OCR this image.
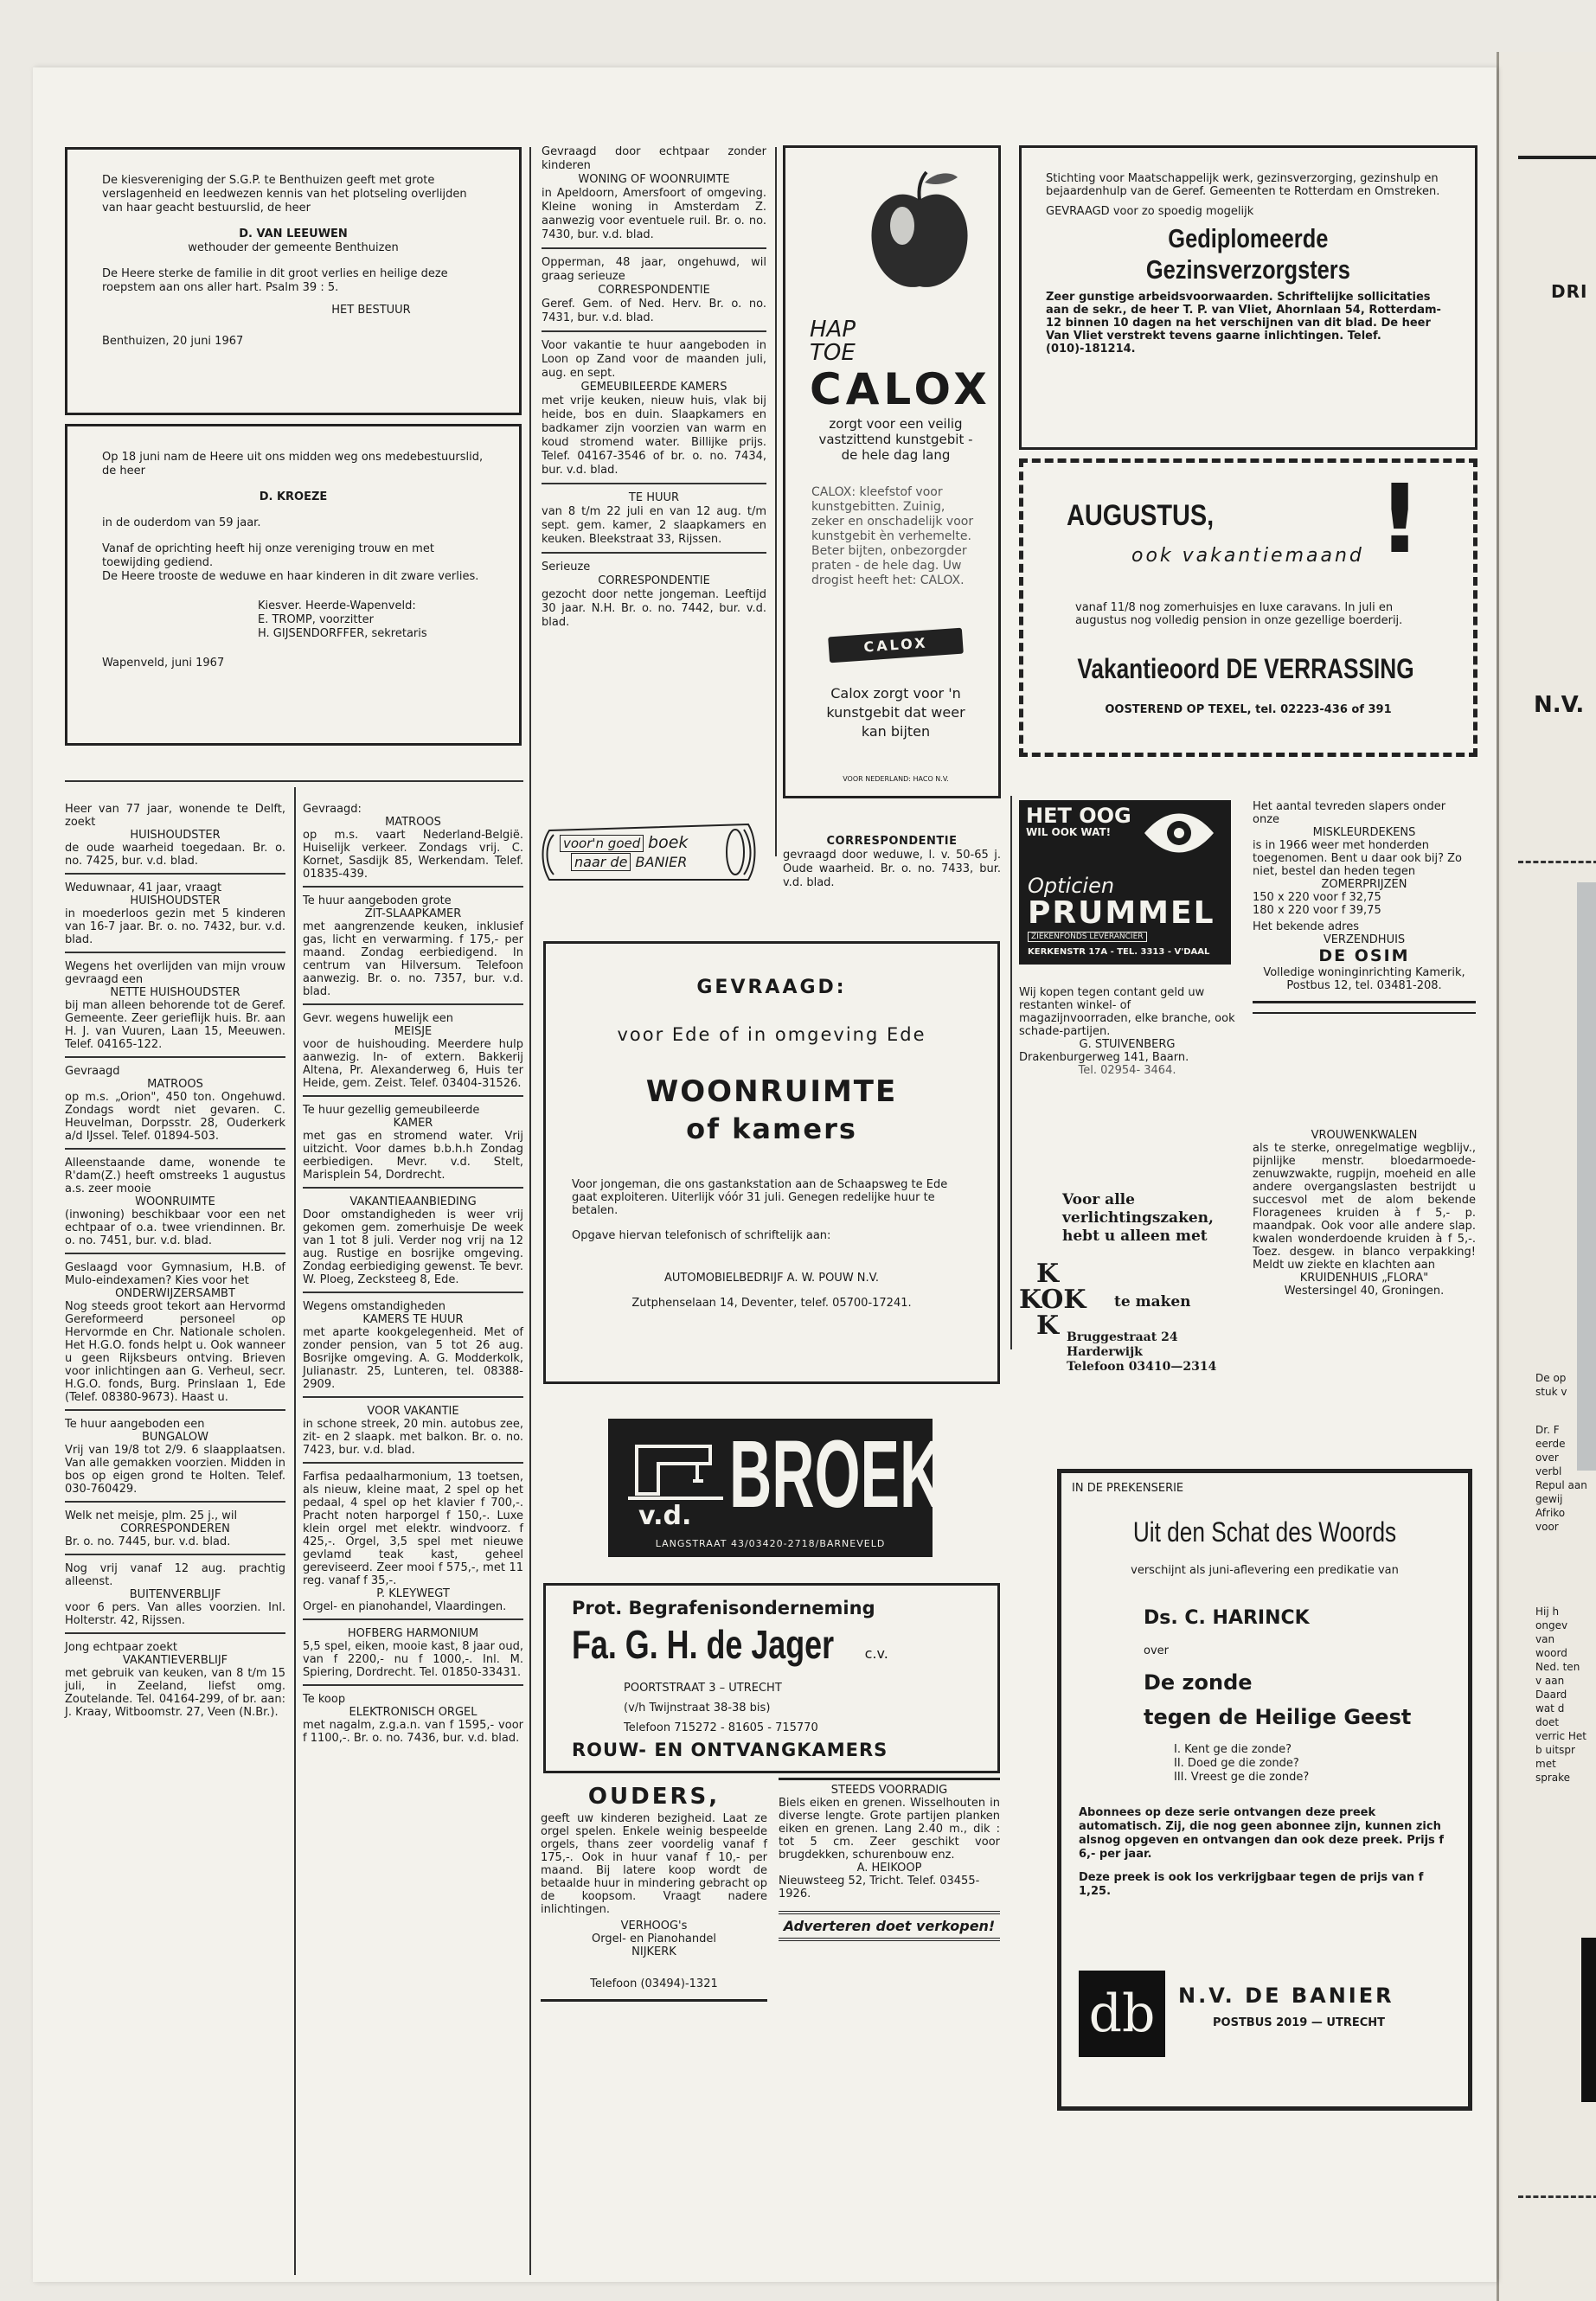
DRI
N.V.
De op stuk v
Dr. F eerde over verbl Repul aan gewij Afriko voor
Hij h ongev van woord Ned. ten v aan Daard wat d doet verric Het b uitspr met sprake
De kiesvereniging der S.G.P. te Benthuizen geeft met grote verslagenheid en leedwezen kennis van het plotseling overlijden van haar geacht bestuurslid, de heer
D. VAN LEEUWEN
wethouder der gemeente Benthuizen
De Heere sterke de familie in dit groot verlies en heilige deze roepstem aan ons aller hart. Psalm 39 : 5.
HET BESTUUR
Benthuizen, 20 juni 1967
Op 18 juni nam de Heere uit ons midden weg ons medebestuurslid, de heer
D. KROEZE
in de ouderdom van 59 jaar.
Vanaf de oprichting heeft hij onze vereniging trouw en met toewijding gediend.
De Heere trooste de weduwe en haar kinderen in dit zware verlies.
Kiesver. Heerde-Wapenveld:
E. TROMP, voorzitter
H. GIJSENDORFFER, sekretaris
Wapenveld, juni 1967
Gevraagd door echtpaar zonder kinderen
WONING OF WOONRUIMTE
in Apeldoorn, Amersfoort of omgeving. Kleine woning in Amsterdam Z. aanwezig voor eventuele ruil. Br. o. no. 7430, bur. v.d. blad.
Opperman, 48 jaar, ongehuwd, wil graag serieuze
CORRESPONDENTIE
Geref. Gem. of Ned. Herv. Br. o. no. 7431, bur. v.d. blad.
Voor vakantie te huur aangeboden in Loon op Zand voor de maanden juli, aug. en sept.
GEMEUBILEERDE KAMERS
met vrije keuken, nieuw huis, vlak bij heide, bos en duin. Slaapkamers en badkamer zijn voorzien van warm en koud stromend water. Billijke prijs. Telef. 04167-3546 of br. o. no. 7434, bur. v.d. blad.
TE HUUR
van 8 t/m 22 juli en van 12 aug. t/m sept. gem. kamer, 2 slaapkamers en keuken. Bleekstraat 33, Rijssen.
Serieuze
CORRESPONDENTIE
gezocht door nette jongeman. Leeftijd 30 jaar. N.H. Br. o. no. 7442, bur. v.d. blad.
HAP
TOE
CALOX
zorgt voor een veilig vastzittend kunstgebit - de hele dag lang
CALOX: kleefstof voor kunstgebitten. Zuinig, zeker en onschadelijk voor kunstgebit èn verhemelte. Beter bijten, onbezorgder praten - de hele dag. Uw drogist heeft het: CALOX.
CALOX
Calox zorgt voor 'n kunstgebit dat weer kan bijten
VOOR NEDERLAND: HACO N.V.
Stichting voor Maatschappelijk werk, gezinsverzorging, gezinshulp en bejaardenhulp van de Geref. Gemeenten te Rotterdam en Omstreken.
GEVRAAGD voor zo spoedig mogelijk
Gediplomeerde
Gezinsverzorgsters
Zeer gunstige arbeidsvoorwaarden. Schriftelijke sollicitaties aan de sekr., de heer T. P. van Vliet, Ahornlaan 54, Rotterdam-12 binnen 10 dagen na het verschijnen van dit blad. De heer Van Vliet verstrekt tevens gaarne inlichtingen. Telef. (010)-181214.
AUGUSTUS, !
ook vakantiemaand
vanaf 11/8 nog zomerhuisjes en luxe caravans. In juli en augustus nog volledig pension in onze gezellige boerderij.
Vakantieoord DE VERRASSING
OOSTEREND OP TEXEL, tel. 02223-436 of 391
Heer van 77 jaar, wonende te Delft, zoekt
HUISHOUDSTER
de oude waarheid toegedaan. Br. o. no. 7425, bur. v.d. blad.
Weduwnaar, 41 jaar, vraagt
HUISHOUDSTER
in moederloos gezin met 5 kinderen van 16-7 jaar. Br. o. no. 7432, bur. v.d. blad.
Wegens het overlijden van mijn vrouw gevraagd een
NETTE HUISHOUDSTER
bij man alleen behorende tot de Geref. Gemeente. Zeer gerieflijk huis. Br. aan H. J. van Vuuren, Laan 15, Meeuwen. Telef. 04165-122.
Gevraagd
MATROOS
op m.s. „Orion", 450 ton. Ongehuwd. Zondags wordt niet gevaren. C. Heuvelman, Dorpsstr. 28, Ouderkerk a/d IJssel. Telef. 01894-503.
Alleenstaande dame, wonende te R'dam(Z.) heeft omstreeks 1 augustus a.s. zeer mooie
WOONRUIMTE
(inwoning) beschikbaar voor een net echtpaar of o.a. twee vriendinnen. Br. o. no. 7451, bur. v.d. blad.
Geslaagd voor Gymnasium, H.B. of Mulo-eindexamen? Kies voor het
ONDERWIJZERSAMBT
Nog steeds groot tekort aan Hervormd Gereformeerd personeel op Hervormde en Chr. Nationale scholen. Het H.G.O. fonds helpt u. Ook wanneer u geen Rijksbeurs ontving. Brieven voor inlichtingen aan G. Verheul, secr. H.G.O. fonds, Burg. Prinslaan 1, Ede (Telef. 08380-9673). Haast u.
Te huur aangeboden een
BUNGALOW
Vrij van 19/8 tot 2/9. 6 slaapplaatsen. Van alle gemakken voorzien. Midden in bos op eigen grond te Holten. Telef. 030-760429.
Welk net meisje, plm. 25 j., wil
CORRESPONDEREN
Br. o. no. 7445, bur. v.d. blad.
Nog vrij vanaf 12 aug. prachtig alleenst.
BUITENVERBLIJF
voor 6 pers. Van alles voorzien. Inl. Holterstr. 42, Rijssen.
Jong echtpaar zoekt
VAKANTIEVERBLIJF
met gebruik van keuken, van 8 t/m 15 juli, in Zeeland, liefst omg. Zoutelande. Tel. 04164-299, of br. aan: J. Kraay, Witboomstr. 27, Veen (N.Br.).
Gevraagd:
MATROOS
op m.s. vaart Nederland-België. Huiselijk verkeer. Zondags vrij. C. Kornet, Sasdijk 85, Werkendam. Telef. 01835-439.
Te huur aangeboden grote
ZIT-SLAAPKAMER
met aangrenzende keuken, inklusief gas, licht en verwarming. f 175,- per maand. Zondag eerbiedigend. In centrum van Hilversum. Telefoon aanwezig. Br. o. no. 7357, bur. v.d. blad.
Gevr. wegens huwelijk een
MEISJE
voor de huishouding. Meerdere hulp aanwezig. In- of extern. Bakkerij Altena, Pr. Alexanderweg 6, Huis ter Heide, gem. Zeist. Telef. 03404-31526.
Te huur gezellig gemeubileerde
KAMER
met gas en stromend water. Vrij uitzicht. Voor dames b.b.h.h Zondag eerbiedigen. Mevr. v.d. Stelt, Marisplein 54, Dordrecht.
VAKANTIEAANBIEDING
Door omstandigheden is weer vrij gekomen gem. zomerhuisje De week van 1 tot 8 juli. Verder nog vrij na 12 aug. Rustige en bosrijke omgeving. Zondag eerbiediging gewenst. Te bevr. W. Ploeg, Zecksteeg 8, Ede.
Wegens omstandigheden
KAMERS TE HUUR
met aparte kookgelegenheid. Met of zonder pension, van 5 tot 26 aug. Bosrijke omgeving. A. G. Modderkolk, Julianastr. 25, Lunteren, tel. 08388-2909.
VOOR VAKANTIE
in schone streek, 20 min. autobus zee, zit- en 2 slaapk. met balkon. Br. o. no. 7423, bur. v.d. blad.
Farfisa pedaalharmonium, 13 toetsen, als nieuw, kleine maat, 2 spel op het pedaal, 4 spel op het klavier f 700,-. Pracht noten harporgel f 150,-. Luxe klein orgel met elektr. windvoorz. f 425,-. Orgel, 3,5 spel met nieuwe gevlamd teak kast, geheel gereviseerd. Zeer mooi f 575,-, met 11 reg. vanaf f 35,-.
P. KLEYWEGT
Orgel- en pianohandel, Vlaardingen.
HOFBERG HARMONIUM
5,5 spel, eiken, mooie kast, 8 jaar oud, van f 2200,- nu f 1000,-. Inl. M. Spiering, Dordrecht. Tel. 01850-33431.
Te koop
ELEKTRONISCH ORGEL
met nagalm, z.g.a.n. van f 1595,- voor f 1100,-. Br. o. no. 7436, bur. v.d. blad.
voor'n goed boek
naar de BANIER
CORRESPONDENTIE
gevraagd door weduwe, l. v. 50-65 j. Oude waarheid. Br. o. no. 7433, bur. v.d. blad.
GEVRAAGD:
voor Ede of in omgeving Ede
WOONRUIMTE
of kamers
Voor jongeman, die ons gastankstation aan de Schaapsweg te Ede gaat exploiteren. Uiterlijk vóór 31 juli. Genegen redelijke huur te betalen.
Opgave hiervan telefonisch of schriftelijk aan:
AUTOMOBIELBEDRIJF A. W. POUW N.V.
Zutphenselaan 14, Deventer, telef. 05700-17241.
v.d. BROEK
LANGSTRAAT 43/03420-2718/BARNEVELD
Prot. Begrafenisonderneming
Fa. G. H. de Jager c.v.
POORTSTRAAT 3 – UTRECHT
(v/h Twijnstraat 38-38 bis)
Telefoon 715272 - 81605 - 715770
ROUW- EN ONTVANGKAMERS
OUDERS,
geeft uw kinderen bezigheid. Laat ze orgel spelen. Enkele weinig bespeelde orgels, thans zeer voordelig vanaf f 175,-. Ook in huur vanaf f 10,- per maand. Bij latere koop wordt de betaalde huur in mindering gebracht op de koopsom. Vraagt nadere inlichtingen.
VERHOOG's
Orgel- en Pianohandel
NIJKERK
Telefoon (03494)-1321
STEEDS VOORRADIG
Biels eiken en grenen. Wisselhouten in diverse lengte. Grote partijen planken eiken en grenen. Lang 2.40 m., dik : tot 5 cm. Zeer geschikt voor brugdekken, schurenbouw enz.
A. HEIKOOP
Nieuwsteeg 52, Tricht. Telef. 03455-1926.
Adverteren doet verkopen!
HET OOG
WIL OOK WAT!
Opticien
PRUMMEL
ZIEKENFONDS LEVERANCIER
KERKENSTR 17A - TEL. 3313 - V'DAAL
Het aantal tevreden slapers onder onze
MISKLEURDEKENS
is in 1966 weer met honderden toegenomen. Bent u daar ook bij? Zo niet, bestel dan heden tegen
ZOMERPRIJZEN
150 x 220 voor f 32,75
180 x 220 voor f 39,75
Het bekende adres
VERZENDHUIS
DE OSIM
Volledige woninginrichting Kamerik, Postbus 12, tel. 03481-208.
Wij kopen tegen contant geld uw restanten winkel- of magazijnvoorraden, elke branche, ook schade-partijen.
G. STUIVENBERG
Drakenburgerweg 141, Baarn.
Tel. 02954- 3464.
Voor alle verlichtingszaken, hebt u alleen met
K
KOK
K
te maken
Bruggestraat 24
Harderwijk
Telefoon 03410—2314
VROUWENKWALEN
als te sterke, onregelmatige wegblijv., pijnlijke menstr. bloedarmoede-zenuwzwakte, rugpijn, moeheid en alle andere overgangslasten bestrijdt u succesvol met de alom bekende Floragenees kruiden à f 5,- p. maandpak. Ook voor alle andere slap. kwalen wonderdoende kruiden à f 5,-. Toez. desgew. in blanco verpakking! Meldt uw ziekte en klachten aan
KRUIDENHUIS „FLORA"
Westersingel 40, Groningen.
IN DE PREKENSERIE
Uit den Schat des Woords
verschijnt als juni-aflevering een predikatie van
Ds. C. HARINCK
over
De zonde
tegen de Heilige Geest
I. Kent ge die zonde?
II. Doed ge die zonde?
III. Vreest ge die zonde?
Abonnees op deze serie ontvangen deze preek automatisch. Zij, die nog geen abonnee zijn, kunnen zich alsnog opgeven en ontvangen dan ook deze preek. Prijs f 6,- per jaar.
Deze preek is ook los verkrijgbaar tegen de prijs van f 1,25.
db	N.V. DE BANIER
POSTBUS 2019 — UTRECHT
